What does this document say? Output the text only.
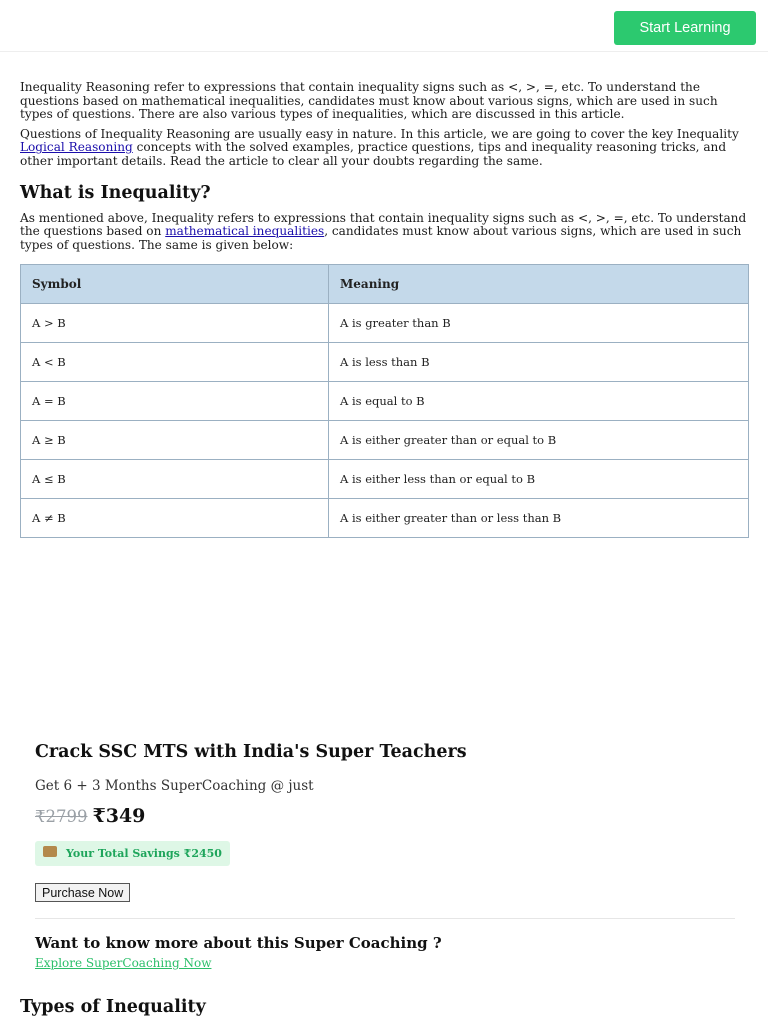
Start Learning

Inequality Reasoning refer to expressions that contain inequality signs such as <, >, =, etc. To understand the questions based on mathematical inequalities, candidates must know about various signs, which are used in such types of questions. There are also various types of inequalities, which are discussed in this article.

Questions of Inequality Reasoning are usually easy in nature. In this article, we are going to cover the key Inequality Logical Reasoning concepts with the solved examples, practice questions, tips and inequality reasoning tricks, and other important details. Read the article to clear all your doubts regarding the same.

What is Inequality?

As mentioned above, Inequality refers to expressions that contain inequality signs such as <, >, =, etc. To understand the questions based on mathematical inequalities, candidates must know about various signs, which are used in such types of questions. The same is given below:

Symbol	Meaning
A > B	A is greater than B
A < B	A is less than B
A = B	A is equal to B
A ≥ B	A is either greater than or equal to B
A ≤ B	A is either less than or equal to B
A ≠ B	A is either greater than or less than B
Crack SSC MTS with India's Super Teachers
Get 6 + 3 Months SuperCoaching @ just
₹2799 ₹349
Your Total Savings ₹2450
Purchase Now
Want to know more about this Super Coaching ?
Explore SuperCoaching Now
Types of Inequality
